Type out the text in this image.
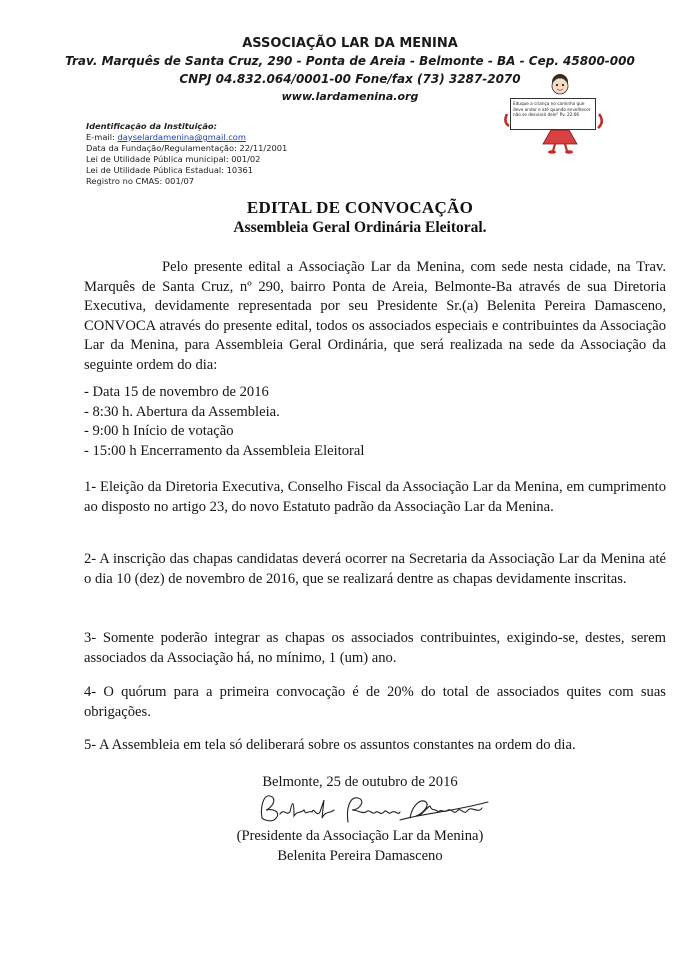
ASSOCIAÇÃO LAR DA MENINA
Trav. Marquês de Santa Cruz, 290 - Ponta de Areia - Belmonte - BA - Cep. 45800-000
CNPJ 04.832.064/0001-00 Fone/fax (73) 3287-2070
www.lardamenina.org
Eduque a criança no caminho que deve andar e até quando envelhecer não se desviará dele" Pv. 22:06
Identificação da Instituição:
E-mail: dayselardamenina@gmail.com
Data da Fundação/Regulamentação: 22/11/2001
Lei de Utilidade Pública municipal: 001/02
Lei de Utilidade Pública Estadual: 10361
Registro no CMAS: 001/07
EDITAL DE CONVOCAÇÃO
Assembleia Geral Ordinária Eleitoral.
Pelo presente edital a Associação Lar da Menina, com sede nesta cidade, na Trav. Marquês de Santa Cruz, nº 290, bairro Ponta de Areia, Belmonte-Ba através de sua Diretoria Executiva, devidamente representada por seu Presidente Sr.(a) Belenita Pereira Damasceno, CONVOCA através do presente edital, todos os associados especiais e contribuintes da Associação Lar da Menina, para Assembleia Geral Ordinária, que será realizada na sede da Associação da seguinte ordem do dia:
- Data 15 de novembro de 2016
- 8:30 h. Abertura da Assembleia.
- 9:00 h Início de votação
- 15:00 h Encerramento da Assembleia Eleitoral
1- Eleição da Diretoria Executiva, Conselho Fiscal da Associação Lar da Menina, em cumprimento ao disposto no artigo 23, do novo Estatuto padrão da Associação Lar da Menina.
2- A inscrição das chapas candidatas deverá ocorrer na Secretaria da Associação Lar da Menina até o dia 10 (dez) de novembro de 2016, que se realizará dentre as chapas devidamente inscritas.
3- Somente poderão integrar as chapas os associados contribuintes, exigindo-se, destes, serem associados da Associação há, no mínimo, 1 (um) ano.
4- O quórum para a primeira convocação é de 20% do total de associados quites com suas obrigações.
5- A Assembleia em tela só deliberará sobre os assuntos constantes na ordem do dia.
Belmonte, 25 de outubro de 2016
(Presidente da Associação Lar da Menina)
Belenita Pereira Damasceno
